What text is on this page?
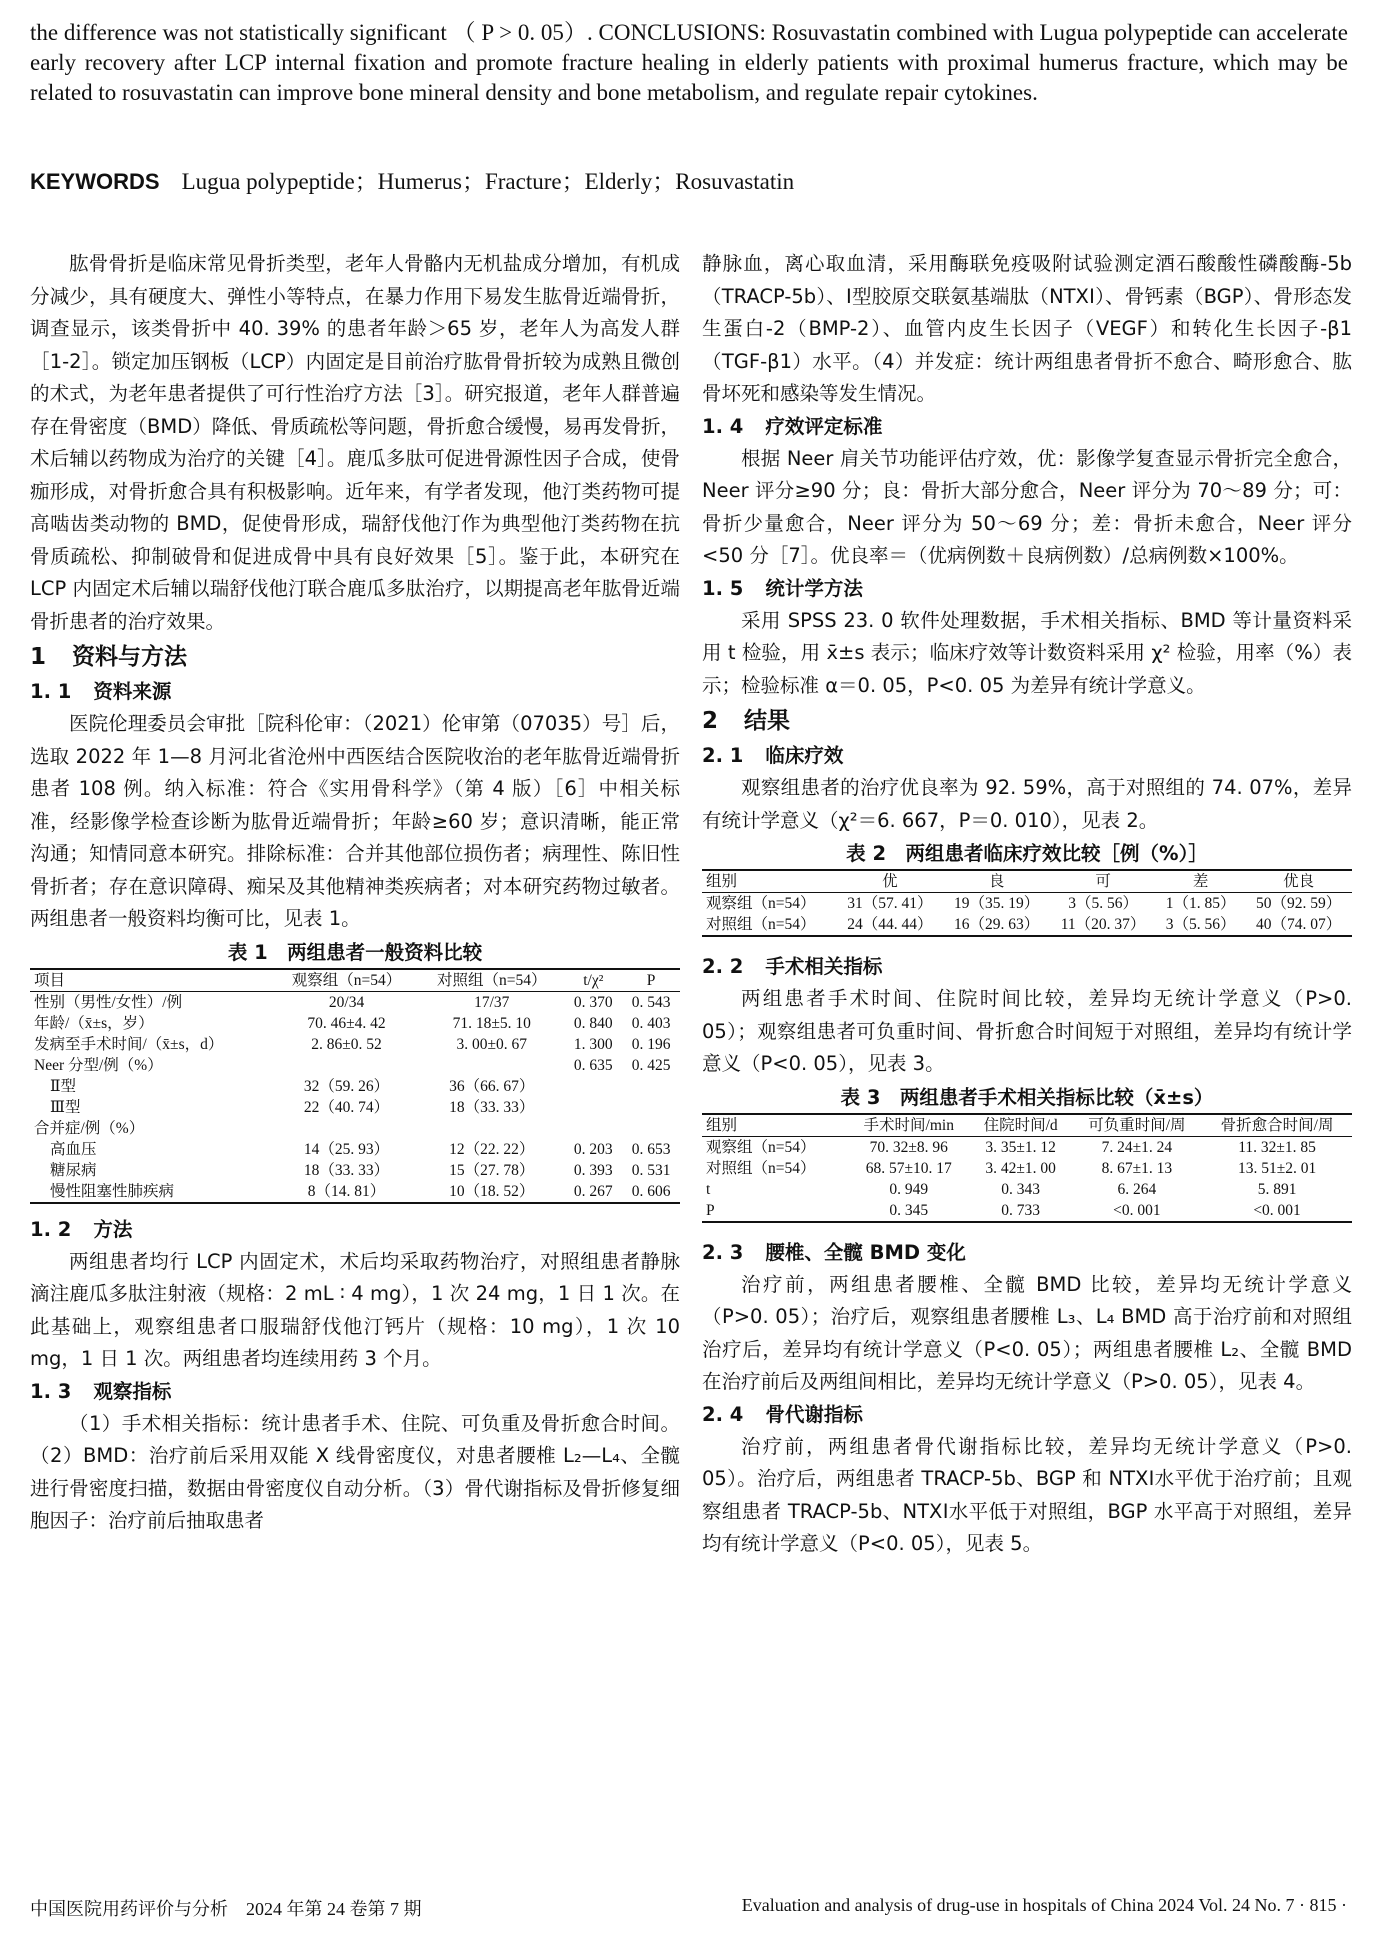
the difference was not statistically significant （ P > 0. 05）. CONCLUSIONS: Rosuvastatin combined with Lugua polypeptide can accelerate early recovery after LCP internal fixation and promote fracture healing in elderly patients with proximal humerus fracture, which may be related to rosuvastatin can improve bone mineral density and bone metabolism, and regulate repair cytokines.
KEYWORDS Lugua polypeptide；Humerus；Fracture；Elderly；Rosuvastatin

肱骨骨折是临床常见骨折类型，老年人骨骼内无机盐成分增加，有机成分减少，具有硬度大、弹性小等特点，在暴力作用下易发生肱骨近端骨折，调查显示，该类骨折中 40. 39% 的患者年龄＞65 岁，老年人为高发人群［1-2］。锁定加压钢板（LCP）内固定是目前治疗肱骨骨折较为成熟且微创的术式，为老年患者提供了可行性治疗方法［3］。研究报道，老年人群普遍存在骨密度（BMD）降低、骨质疏松等问题，骨折愈合缓慢，易再发骨折，术后辅以药物成为治疗的关键［4］。鹿瓜多肽可促进骨源性因子合成，使骨痂形成，对骨折愈合具有积极影响。近年来，有学者发现，他汀类药物可提高啮齿类动物的 BMD，促使骨形成，瑞舒伐他汀作为典型他汀类药物在抗骨质疏松、抑制破骨和促进成骨中具有良好效果［5］。鉴于此，本研究在 LCP 内固定术后辅以瑞舒伐他汀联合鹿瓜多肽治疗，以期提高老年肱骨近端骨折患者的治疗效果。

1 资料与方法
1. 1 资料来源

医院伦理委员会审批［院科伦审：（2021）伦审第（07035）号］后，选取 2022 年 1—8 月河北省沧州中西医结合医院收治的老年肱骨近端骨折患者 108 例。纳入标准：符合《实用骨科学》（第 4 版）［6］中相关标准，经影像学检查诊断为肱骨近端骨折；年龄≥60 岁；意识清晰，能正常沟通；知情同意本研究。排除标准：合并其他部位损伤者；病理性、陈旧性骨折者；存在意识障碍、痴呆及其他精神类疾病者；对本研究药物过敏者。两组患者一般资料均衡可比，见表 1。

表 1　两组患者一般资料比较
项目	观察组（n=54）	对照组（n=54）	t/χ²	P
性别（男性/女性）/例	20/34	17/37	0. 370	0. 543
年龄/（x̄±s，岁）	70. 46±4. 42	71. 18±5. 10	0. 840	0. 403
发病至手术时间/（x̄±s，d）	2. 86±0. 52	3. 00±0. 67	1. 300	0. 196
Neer 分型/例（%）			0. 635	0. 425
Ⅱ型	32（59. 26）	36（66. 67）		
Ⅲ型	22（40. 74）	18（33. 33）		
合并症/例（%）				
高血压	14（25. 93）	12（22. 22）	0. 203	0. 653
糖尿病	18（33. 33）	15（27. 78）	0. 393	0. 531
慢性阻塞性肺疾病	8（14. 81）	10（18. 52）	0. 267	0. 606
1. 2 方法

两组患者均行 LCP 内固定术，术后均采取药物治疗，对照组患者静脉滴注鹿瓜多肽注射液（规格：2 mL ∶ 4 mg），1 次 24 mg，1 日 1 次。在此基础上，观察组患者口服瑞舒伐他汀钙片（规格：10 mg），1 次 10 mg，1 日 1 次。两组患者均连续用药 3 个月。

1. 3 观察指标

（1）手术相关指标：统计患者手术、住院、可负重及骨折愈合时间。（2）BMD：治疗前后采用双能 X 线骨密度仪，对患者腰椎 L₂—L₄、全髋进行骨密度扫描，数据由骨密度仪自动分析。（3）骨代谢指标及骨折修复细胞因子：治疗前后抽取患者

静脉血，离心取血清，采用酶联免疫吸附试验测定酒石酸酸性磷酸酶-5b（TRACP-5b）、Ⅰ型胶原交联氨基端肽（NTXⅠ）、骨钙素（BGP）、骨形态发生蛋白-2（BMP-2）、血管内皮生长因子（VEGF）和转化生长因子-β1（TGF-β1）水平。（4）并发症：统计两组患者骨折不愈合、畸形愈合、肱骨坏死和感染等发生情况。

1. 4 疗效评定标准

根据 Neer 肩关节功能评估疗效，优：影像学复查显示骨折完全愈合，Neer 评分≥90 分；良：骨折大部分愈合，Neer 评分为 70～89 分；可：骨折少量愈合，Neer 评分为 50～69 分；差：骨折未愈合，Neer 评分<50 分［7］。优良率＝（优病例数＋良病例数）/总病例数×100%。

1. 5 统计学方法

采用 SPSS 23. 0 软件处理数据，手术相关指标、BMD 等计量资料采用 t 检验，用 x̄±s 表示；临床疗效等计数资料采用 χ² 检验，用率（%）表示；检验标准 α＝0. 05，P<0. 05 为差异有统计学意义。

2 结果
2. 1 临床疗效

观察组患者的治疗优良率为 92. 59%，高于对照组的 74. 07%，差异有统计学意义（χ²＝6. 667，P＝0. 010），见表 2。

表 2　两组患者临床疗效比较［例（%）］
组别	优	良	可	差	优良
观察组（n=54）	31（57. 41）	19（35. 19）	3（5. 56）	1（1. 85）	50（92. 59）
对照组（n=54）	24（44. 44）	16（29. 63）	11（20. 37）	3（5. 56）	40（74. 07）
2. 2 手术相关指标

两组患者手术时间、住院时间比较，差异均无统计学意义（P>0. 05）；观察组患者可负重时间、骨折愈合时间短于对照组，差异均有统计学意义（P<0. 05），见表 3。

表 3　两组患者手术相关指标比较（x̄±s）
组别	手术时间/min	住院时间/d	可负重时间/周	骨折愈合时间/周
观察组（n=54）	70. 32±8. 96	3. 35±1. 12	7. 24±1. 24	11. 32±1. 85
对照组（n=54）	68. 57±10. 17	3. 42±1. 00	8. 67±1. 13	13. 51±2. 01
t	0. 949	0. 343	6. 264	5. 891
P	0. 345	0. 733	<0. 001	<0. 001
2. 3 腰椎、全髋 BMD 变化

治疗前，两组患者腰椎、全髋 BMD 比较，差异均无统计学意义（P>0. 05）；治疗后，观察组患者腰椎 L₃、L₄ BMD 高于治疗前和对照组治疗后，差异均有统计学意义（P<0. 05）；两组患者腰椎 L₂、全髋 BMD 在治疗前后及两组间相比，差异均无统计学意义（P>0. 05），见表 4。

2. 4 骨代谢指标

治疗前，两组患者骨代谢指标比较，差异均无统计学意义（P>0. 05）。治疗后，两组患者 TRACP-5b、BGP 和 NTXⅠ水平优于治疗前；且观察组患者 TRACP-5b、NTXⅠ水平低于对照组，BGP 水平高于对照组，差异均有统计学意义（P<0. 05），见表 5。

中国医院用药评价与分析　2024 年第 24 卷第 7 期	Evaluation and analysis of drug-use in hospitals of China 2024 Vol. 24 No. 7 · 815 ·
